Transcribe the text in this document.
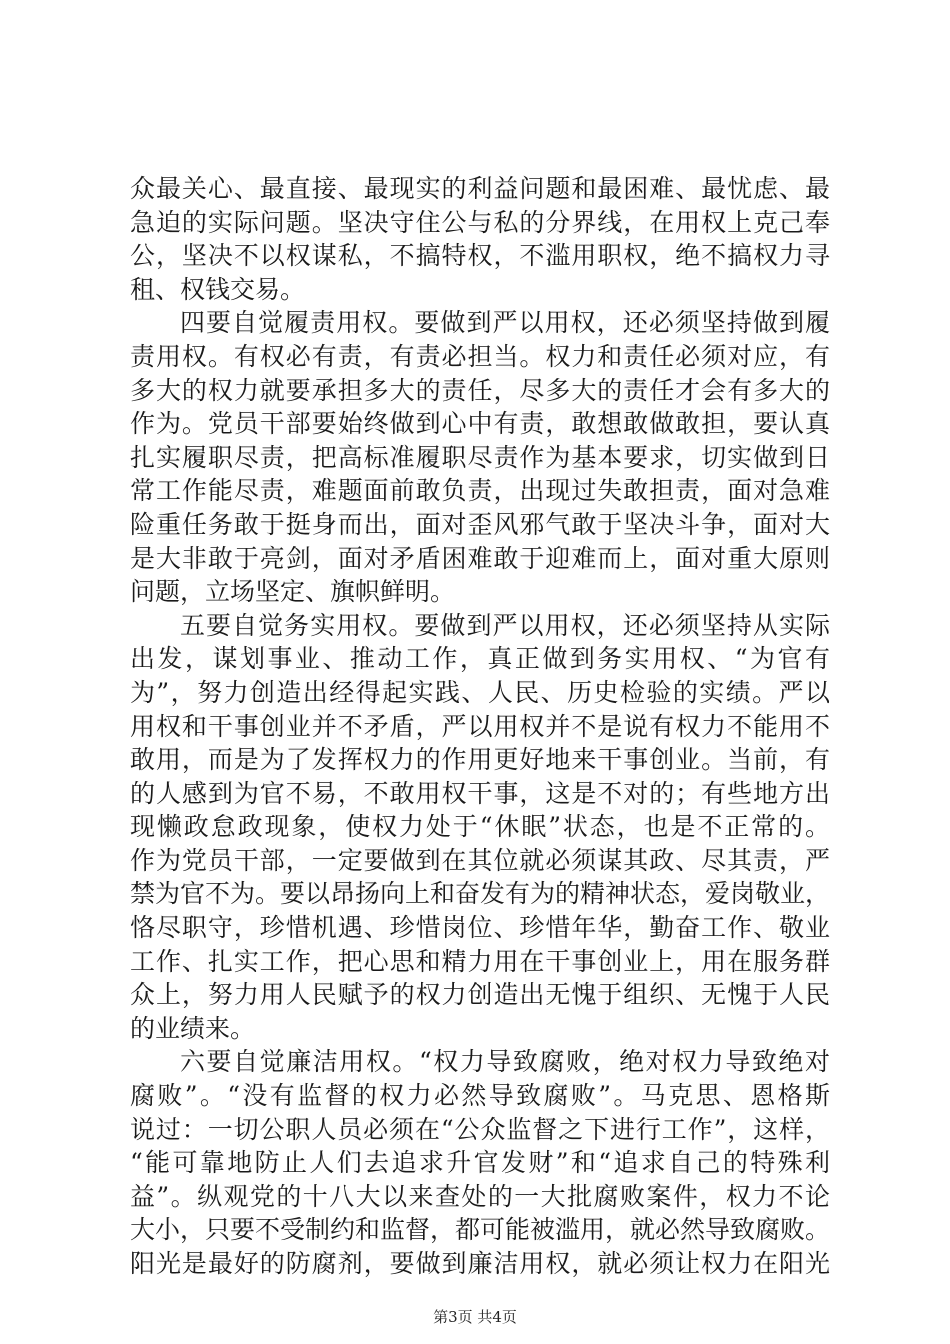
众最关心、最直接、最现实的利益问题和最困难、最忧虑、最
急迫的实际问题。坚决守住公与私的分界线，在用权上克己奉
公，坚决不以权谋私，不搞特权，不滥用职权，绝不搞权力寻
租、权钱交易。
四要自觉履责用权。要做到严以用权，还必须坚持做到履
责用权。有权必有责，有责必担当。权力和责任必须对应，有
多大的权力就要承担多大的责任，尽多大的责任才会有多大的
作为。党员干部要始终做到心中有责，敢想敢做敢担，要认真
扎实履职尽责，把高标准履职尽责作为基本要求，切实做到日
常工作能尽责，难题面前敢负责，出现过失敢担责，面对急难
险重任务敢于挺身而出，面对歪风邪气敢于坚决斗争，面对大
是大非敢于亮剑，面对矛盾困难敢于迎难而上，面对重大原则
问题，立场坚定、旗帜鲜明。
五要自觉务实用权。要做到严以用权，还必须坚持从实际
出发，谋划事业、推动工作，真正做到务实用权、“为官有
为”，努力创造出经得起实践、人民、历史检验的实绩。严以
用权和干事创业并不矛盾，严以用权并不是说有权力不能用不
敢用，而是为了发挥权力的作用更好地来干事创业。当前，有
的人感到为官不易，不敢用权干事，这是不对的；有些地方出
现懒政怠政现象，使权力处于“休眠”状态，也是不正常的。
作为党员干部，一定要做到在其位就必须谋其政、尽其责，严
禁为官不为。要以昂扬向上和奋发有为的精神状态，爱岗敬业，
恪尽职守，珍惜机遇、珍惜岗位、珍惜年华，勤奋工作、敬业
工作、扎实工作，把心思和精力用在干事创业上，用在服务群
众上，努力用人民赋予的权力创造出无愧于组织、无愧于人民
的业绩来。
六要自觉廉洁用权。“权力导致腐败，绝对权力导致绝对
腐败”。“没有监督的权力必然导致腐败”。马克思、恩格斯
说过：一切公职人员必须在“公众监督之下进行工作”，这样，
“能可靠地防止人们去追求升官发财”和“追求自己的特殊利
益”。纵观党的十八大以来查处的一大批腐败案件，权力不论
大小，只要不受制约和监督，都可能被滥用，就必然导致腐败。
阳光是最好的防腐剂，要做到廉洁用权，就必须让权力在阳光
第3页 共4页
